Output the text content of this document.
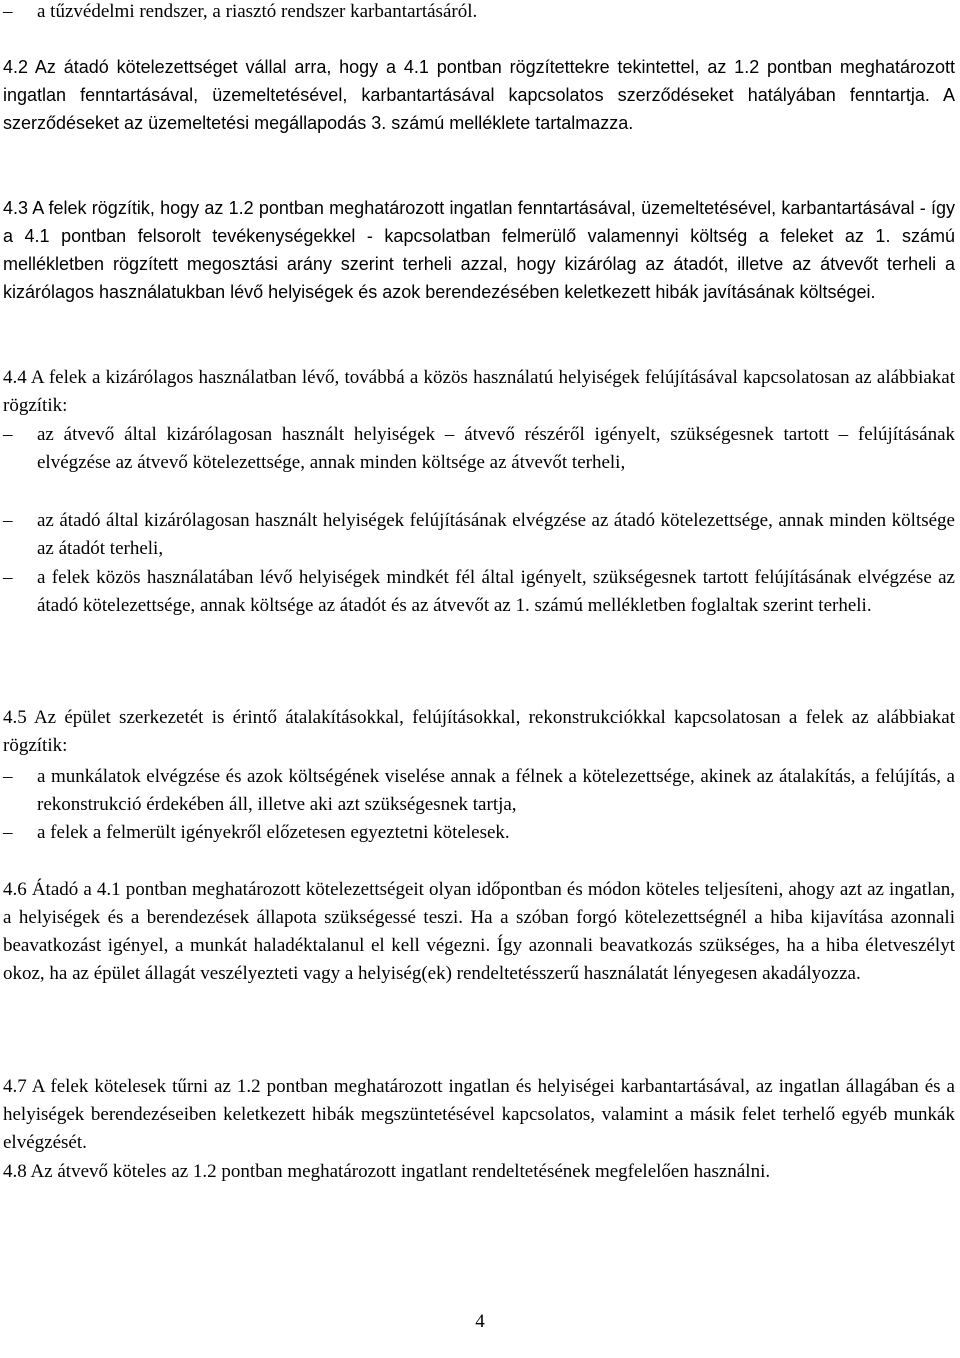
–	a tűzvédelmi rendszer, a riasztó rendszer karbantartásáról.

4.2 Az átadó kötelezettséget vállal arra, hogy a 4.1 pontban rögzítettekre tekintettel, az 1.2 pontban meghatározott ingatlan fenntartásával, üzemeltetésével, karbantartásával kapcsolatos szerződéseket hatályában fenntartja. A szerződéseket az üzemeltetési megállapodás 3. számú melléklete tartalmazza.

4.3 A felek rögzítik, hogy az 1.2 pontban meghatározott ingatlan fenntartásával, üzemeltetésével, karbantartásával - így a 4.1 pontban felsorolt tevékenységekkel - kapcsolatban felmerülő valamennyi költség a feleket az 1. számú mellékletben rögzített megosztási arány szerint terheli azzal, hogy kizárólag az átadót, illetve az átvevőt terheli a kizárólagos használatukban lévő helyiségek és azok berendezésében keletkezett hibák javításának költségei.

4.4 A felek a kizárólagos használatban lévő, továbbá a közös használatú helyiségek felújításával kapcsolatosan az alábbiakat rögzítik:

–	az átvevő által kizárólagosan használt helyiségek – átvevő részéről igényelt, szükségesnek tartott – felújításának elvégzése az átvevő kötelezettsége, annak minden költsége az átvevőt terheli,

–	az átadó által kizárólagosan használt helyiségek felújításának elvégzése az átadó kötelezettsége, annak minden költsége az átadót terheli,

–	a felek közös használatában lévő helyiségek mindkét fél által igényelt, szükségesnek tartott felújításának elvégzése az átadó kötelezettsége, annak költsége az átadót és az átvevőt az 1. számú mellékletben foglaltak szerint terheli.

4.5 Az épület szerkezetét is érintő átalakításokkal, felújításokkal, rekonstrukciókkal kapcsolatosan a felek az alábbiakat rögzítik:

–	a munkálatok elvégzése és azok költségének viselése annak a félnek a kötelezettsége, akinek az átalakítás, a felújítás, a rekonstrukció érdekében áll, illetve aki azt szükségesnek tartja,

–	a felek a felmerült igényekről előzetesen egyeztetni kötelesek.

4.6 Átadó a 4.1 pontban meghatározott kötelezettségeit olyan időpontban és módon köteles teljesíteni, ahogy azt az ingatlan, a helyiségek és a berendezések állapota szükségessé teszi. Ha a szóban forgó kötelezettségnél a hiba kijavítása azonnali beavatkozást igényel, a munkát haladéktalanul el kell végezni. Így azonnali beavatkozás szükséges, ha a hiba életveszélyt okoz, ha az épület állagát veszélyezteti vagy a helyiség(ek) rendeltetésszerű használatát lényegesen akadályozza.

4.7 A felek kötelesek tűrni az 1.2 pontban meghatározott ingatlan és helyiségei karbantartásával, az ingatlan állagában és a helyiségek berendezéseiben keletkezett hibák megszüntetésével kapcsolatos, valamint a másik felet terhelő egyéb munkák elvégzését.

4.8 Az átvevő köteles az 1.2 pontban meghatározott ingatlant rendeltetésének megfelelően használni.

4
